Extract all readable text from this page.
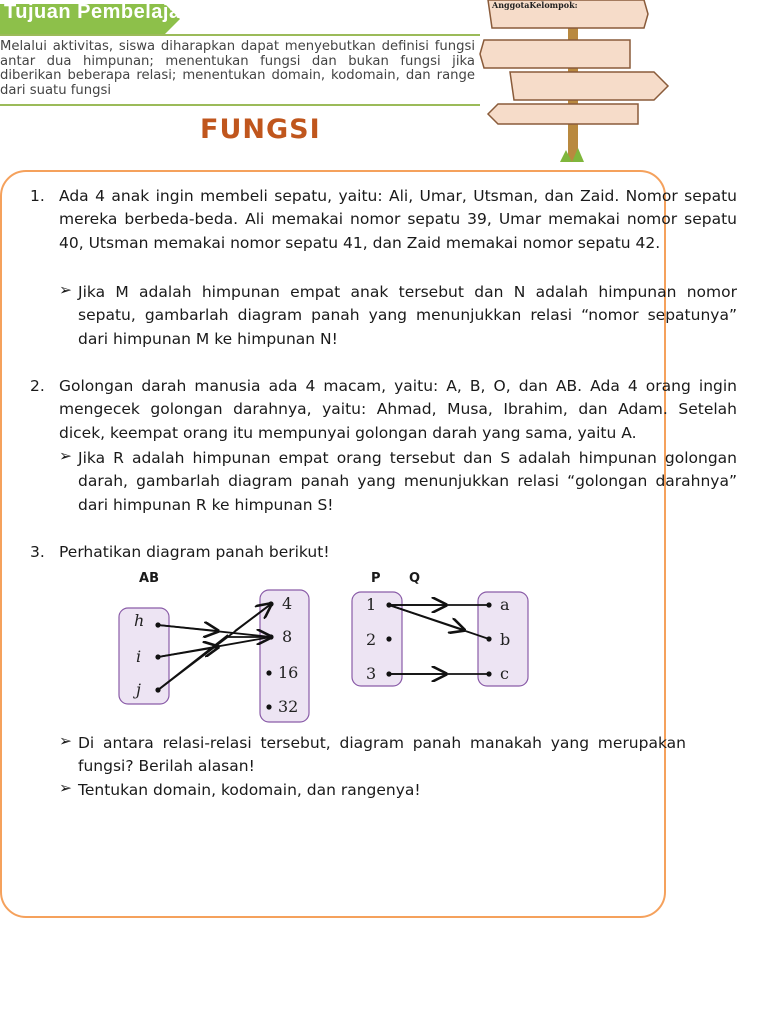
Tujuan Pembelajaran
Melalui aktivitas, siswa diharapkan dapat menyebutkan definisi fungsi antar dua himpunan; menentukan fungsi dan bukan fungsi jika diberikan beberapa relasi; menentukan domain, kodomain, dan range dari suatu fungsi
FUNGSI
AnggotaKelompok:
1. Ada 4 anak ingin membeli sepatu, yaitu: Ali, Umar, Utsman, dan Zaid. Nomor sepatu mereka berbeda-beda. Ali memakai nomor sepatu 39, Umar memakai nomor sepatu 40, Utsman memakai nomor sepatu 41, dan Zaid memakai nomor sepatu 42.
➢ Jika M adalah himpunan empat anak tersebut dan N adalah himpunan nomor sepatu, gambarlah diagram panah yang menunjukkan relasi “nomor sepatunya” dari himpunan M ke himpunan N!
2. Golongan darah manusia ada 4 macam, yaitu: A, B, O, dan AB. Ada 4 orang ingin mengecek golongan darahnya, yaitu: Ahmad, Musa, Ibrahim, dan Adam. Setelah dicek, keempat orang itu mempunyai golongan darah yang sama, yaitu A.
➢ Jika R adalah himpunan empat orang tersebut dan S adalah himpunan golongan darah, gambarlah diagram panah yang menunjukkan relasi “golongan darahnya” dari himpunan R ke himpunan S!
3. Perhatikan diagram panah berikut!
AB	P Q
h
i
j
4
8
16
32
1
2
3
a
b
c
➢ Di antara relasi-relasi tersebut, diagram panah manakah yang merupakan fungsi? Berilah alasan!
➢ Tentukan domain, kodomain, dan rangenya!
